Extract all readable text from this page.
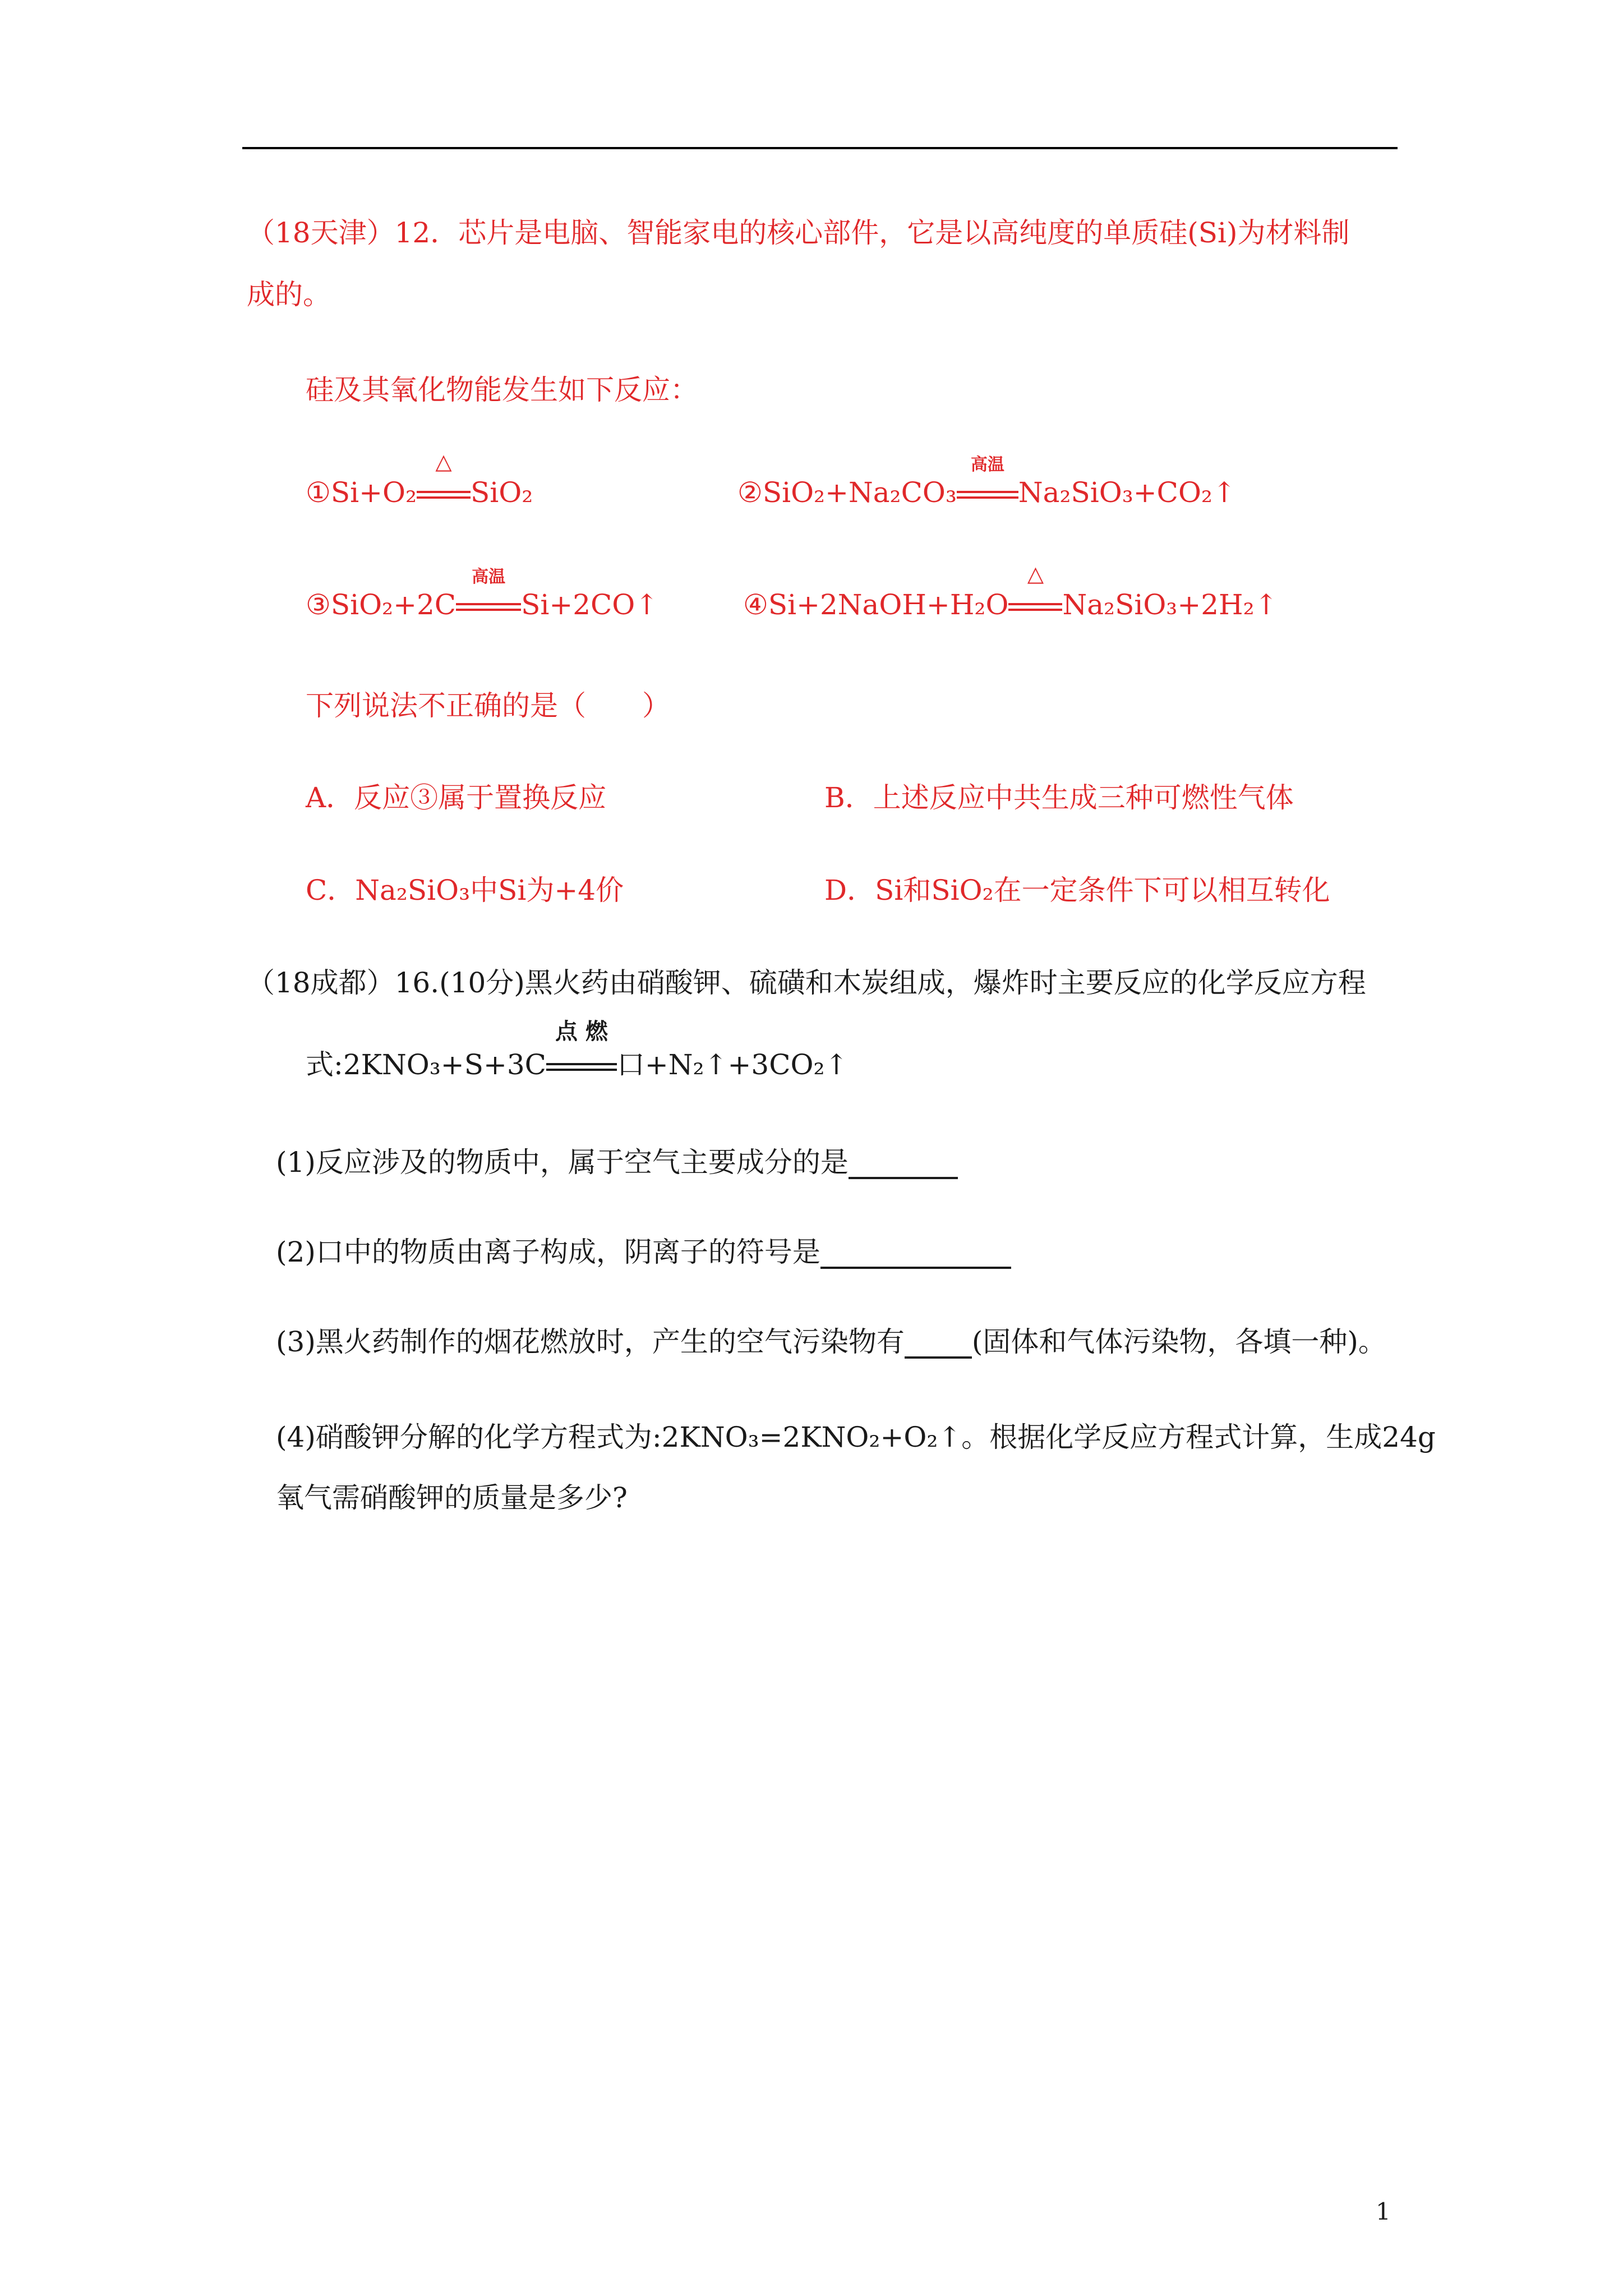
（18天津）12．芯片是电脑、智能家电的核心部件，它是以高纯度的单质硅(Si)为材料制
成的。
硅及其氧化物能发生如下反应：
①Si+O₂
△
SiO₂	②SiO₂+Na₂CO₃
高温
Na₂SiO₃+CO₂↑
③SiO₂+2C
高温
Si+2CO↑	④Si+2NaOH+H₂O
△
Na₂SiO₃+2H₂↑
下列说法不正确的是（　　）
A．反应③属于置换反应	B．上述反应中共生成三种可燃性气体
C．Na₂SiO₃中Si为+4价	D．Si和SiO₂在一定条件下可以相互转化
（18成都）16.(10分)黑火药由硝酸钾、硫磺和木炭组成，爆炸时主要反应的化学反应方程
式:2KNO₃+S+3C
点 燃
口+N₂↑+3CO₂↑
(1)反应涉及的物质中，属于空气主要成分的是
(2)口中的物质由离子构成，阴离子的符号是
(3)黑火药制作的烟花燃放时，产生的空气污染物有 (固体和气体污染物，各填一种)。
(4)硝酸钾分解的化学方程式为:2KNO₃=2KNO₂+O₂↑。根据化学反应方程式计算，生成24g
氧气需硝酸钾的质量是多少?
1
